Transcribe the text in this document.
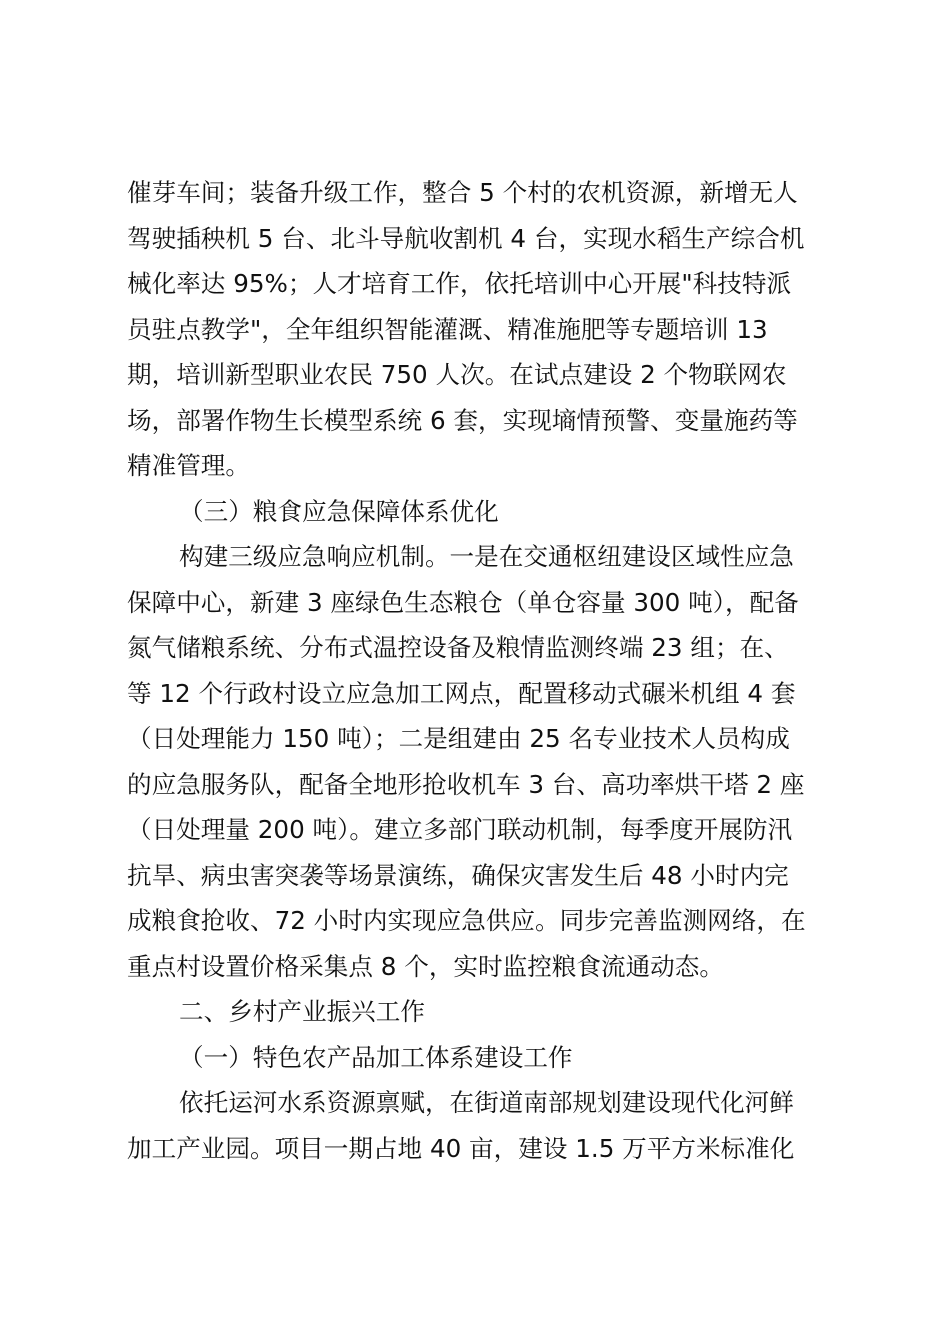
催芽车间；装备升级工作，整合 5 个村的农机资源，新增无人
驾驶插秧机 5 台、北斗导航收割机 4 台，实现水稻生产综合机
械化率达 95%；人才培育工作，依托培训中心开展"科技特派
员驻点教学"，全年组织智能灌溉、精准施肥等专题培训 13
期，培训新型职业农民 750 人次。在试点建设 2 个物联网农
场，部署作物生长模型系统 6 套，实现墒情预警、变量施药等
精准管理。
（三）粮食应急保障体系优化
构建三级应急响应机制。一是在交通枢纽建设区域性应急
保障中心，新建 3 座绿色生态粮仓（单仓容量 300 吨），配备
氮气储粮系统、分布式温控设备及粮情监测终端 23 组；在、
等 12 个行政村设立应急加工网点，配置移动式碾米机组 4 套
（日处理能力 150 吨）；二是组建由 25 名专业技术人员构成
的应急服务队，配备全地形抢收机车 3 台、高功率烘干塔 2 座
（日处理量 200 吨）。建立多部门联动机制，每季度开展防汛
抗旱、病虫害突袭等场景演练，确保灾害发生后 48 小时内完
成粮食抢收、72 小时内实现应急供应。同步完善监测网络，在
重点村设置价格采集点 8 个，实时监控粮食流通动态。
二、乡村产业振兴工作
（一）特色农产品加工体系建设工作
依托运河水系资源禀赋，在街道南部规划建设现代化河鲜
加工产业园。项目一期占地 40 亩，建设 1.5 万平方米标准化
